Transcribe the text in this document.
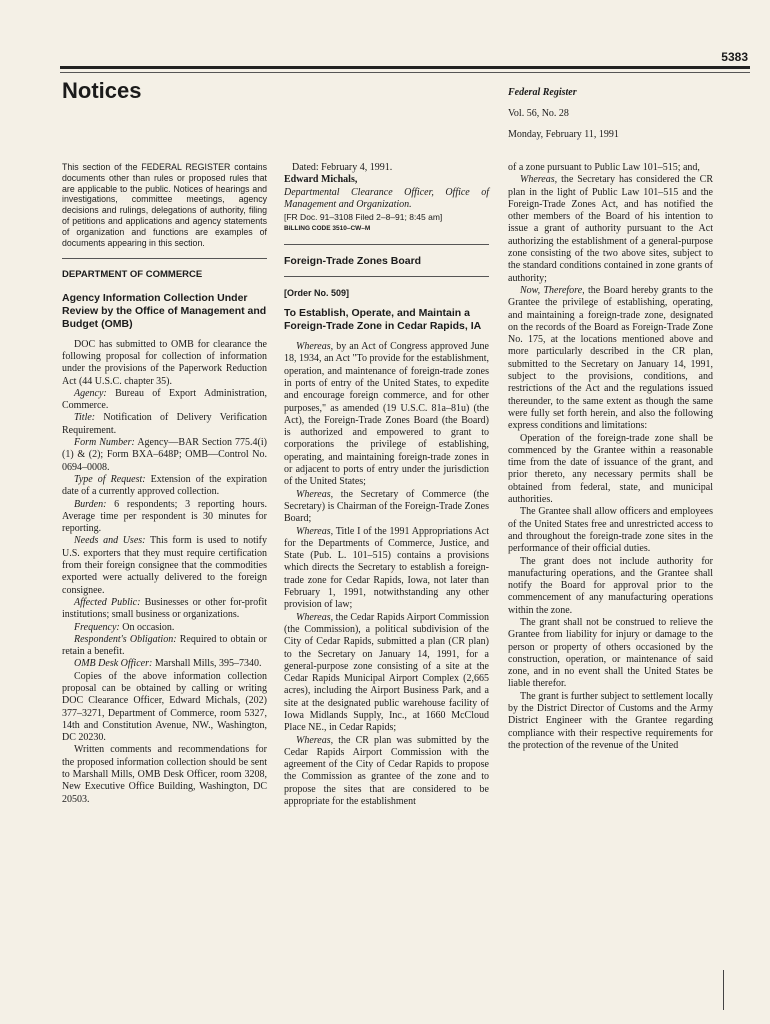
5383
Notices	Federal Register
Vol. 56, No. 28
Monday, February 11, 1991
This section of the FEDERAL REGISTER contains documents other than rules or proposed rules that are applicable to the public. Notices of hearings and investigations, committee meetings, agency decisions and rulings, delegations of authority, filing of petitions and applications and agency statements of organization and functions are examples of documents appearing in this section.
DEPARTMENT OF COMMERCE
Agency Information Collection Under Review by the Office of Management and Budget (OMB)

DOC has submitted to OMB for clearance the following proposal for collection of information under the provisions of the Paperwork Reduction Act (44 U.S.C. chapter 35).

Agency: Bureau of Export Administration, Commerce.

Title: Notification of Delivery Verification Requirement.

Form Number: Agency—BAR Section 775.4(i) (1) & (2); Form BXA–648P; OMB—Control No. 0694–0008.

Type of Request: Extension of the expiration date of a currently approved collection.

Burden: 6 respondents; 3 reporting hours. Average time per respondent is 30 minutes for reporting.

Needs and Uses: This form is used to notify U.S. exporters that they must require certification from their foreign consignee that the commodities exported were actually delivered to the foreign consignee.

Affected Public: Businesses or other for-profit institutions; small business or organizations.

Frequency: On occasion.

Respondent's Obligation: Required to obtain or retain a benefit.

OMB Desk Officer: Marshall Mills, 395–7340.

Copies of the above information collection proposal can be obtained by calling or writing DOC Clearance Officer, Edward Michals, (202) 377–3271, Department of Commerce, room 5327, 14th and Constitution Avenue, NW., Washington, DC 20230.

Written comments and recommendations for the proposed information collection should be sent to Marshall Mills, OMB Desk Officer, room 3208, New Executive Office Building, Washington, DC 20503.

Dated: February 4, 1991.

Edward Michals,

Departmental Clearance Officer, Office of Management and Organization.

[FR Doc. 91–3108 Filed 2–8–91; 8:45 am]

BILLING CODE 3510–CW–M

Foreign-Trade Zones Board
[Order No. 509]
To Establish, Operate, and Maintain a Foreign-Trade Zone in Cedar Rapids, IA

Whereas, by an Act of Congress approved June 18, 1934, an Act "To provide for the establishment, operation, and maintenance of foreign-trade zones in ports of entry of the United States, to expedite and encourage foreign commerce, and for other purposes," as amended (19 U.S.C. 81a–81u) (the Act), the Foreign-Trade Zones Board (the Board) is authorized and empowered to grant to corporations the privilege of establishing, operating, and maintaining foreign-trade zones in or adjacent to ports of entry under the jurisdiction of the United States;

Whereas, the Secretary of Commerce (the Secretary) is Chairman of the Foreign-Trade Zones Board;

Whereas, Title I of the 1991 Appropriations Act for the Departments of Commerce, Justice, and State (Pub. L. 101–515) contains a provisions which directs the Secretary to establish a foreign-trade zone for Cedar Rapids, Iowa, not later than February 1, 1991, notwithstanding any other provision of law;

Whereas, the Cedar Rapids Airport Commission (the Commission), a political subdivision of the City of Cedar Rapids, submitted a plan (CR plan) to the Secretary on January 14, 1991, for a general-purpose zone consisting of a site at the Cedar Rapids Municipal Airport Complex (2,665 acres), including the Airport Business Park, and a site at the designated public warehouse facility of Iowa Midlands Supply, Inc., at 1660 McCloud Place NE., in Cedar Rapids;

Whereas, the CR plan was submitted by the Cedar Rapids Airport Commission with the agreement of the City of Cedar Rapids to propose the Commission as grantee of the zone and to propose the sites that are considered to be appropriate for the establishment

of a zone pursuant to Public Law 101–515; and,

Whereas, the Secretary has considered the CR plan in the light of Public Law 101–515 and the Foreign-Trade Zones Act, and has notified the other members of the Board of his intention to issue a grant of authority pursuant to the Act authorizing the establishment of a general-purpose zone consisting of the two above sites, subject to the standard conditions contained in zone grants of authority;

Now, Therefore, the Board hereby grants to the Grantee the privilege of establishing, operating, and maintaining a foreign-trade zone, designated on the records of the Board as Foreign-Trade Zone No. 175, at the locations mentioned above and more particularly described in the CR plan, submitted to the Secretary on January 14, 1991, subject to the provisions, conditions, and restrictions of the Act and the regulations issued thereunder, to the same extent as though the same were fully set forth herein, and also the following express conditions and limitations:

Operation of the foreign-trade zone shall be commenced by the Grantee within a reasonable time from the date of issuance of the grant, and prior thereto, any necessary permits shall be obtained from federal, state, and municipal authorities.

The Grantee shall allow officers and employees of the United States free and unrestricted access to and throughout the foreign-trade zone sites in the performance of their official duties.

The grant does not include authority for manufacturing operations, and the Grantee shall notify the Board for approval prior to the commencement of any manufacturing operations within the zone.

The grant shall not be construed to relieve the Grantee from liability for injury or damage to the person or property of others occasioned by the construction, operation, or maintenance of said zone, and in no event shall the United States be liable therefor.

The grant is further subject to settlement locally by the District Director of Customs and the Army District Engineer with the Grantee regarding compliance with their respective requirements for the protection of the revenue of the United
